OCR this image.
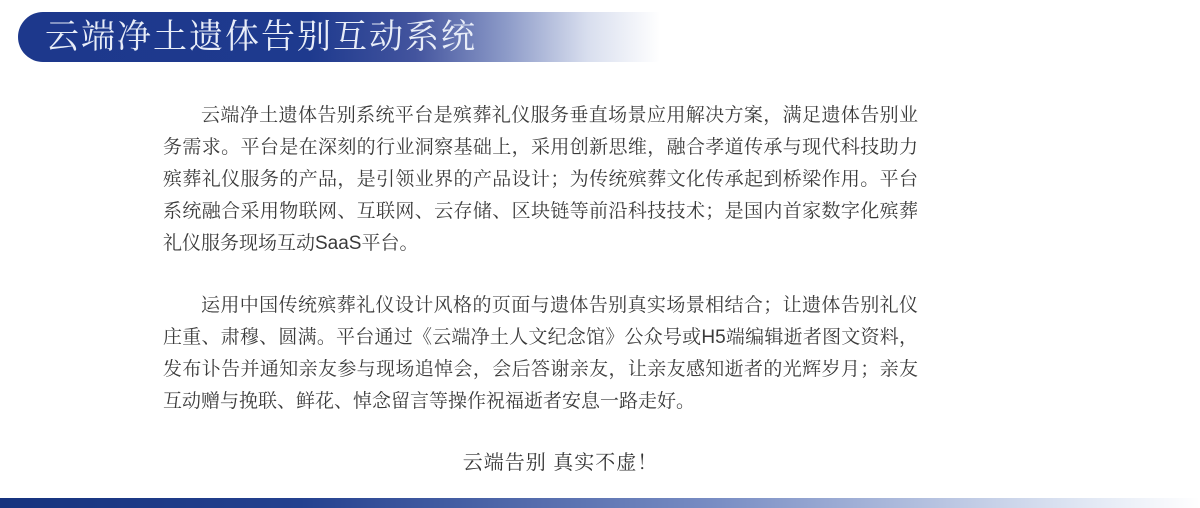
云端净土遗体告别互动系统

云端净土遗体告别系统平台是殡葬礼仪服务垂直场景应用解决方案，满足遗体告别业务需求。平台是在深刻的行业洞察基础上，采用创新思维，融合孝道传承与现代科技助力殡葬礼仪服务的产品，是引领业界的产品设计；为传统殡葬文化传承起到桥梁作用。平台系统融合采用物联网、互联网、云存储、区块链等前沿科技技术；是国内首家数字化殡葬礼仪服务现场互动SaaS平台。

运用中国传统殡葬礼仪设计风格的页面与遗体告别真实场景相结合；让遗体告别礼仪庄重、肃穆、圆满。平台通过《云端净土人文纪念馆》公众号或H5端编辑逝者图文资料，发布讣告并通知亲友参与现场追悼会，会后答谢亲友，让亲友感知逝者的光辉岁月；亲友互动赠与挽联、鲜花、悼念留言等操作祝福逝者安息一路走好。

云端告别 真实不虚！
